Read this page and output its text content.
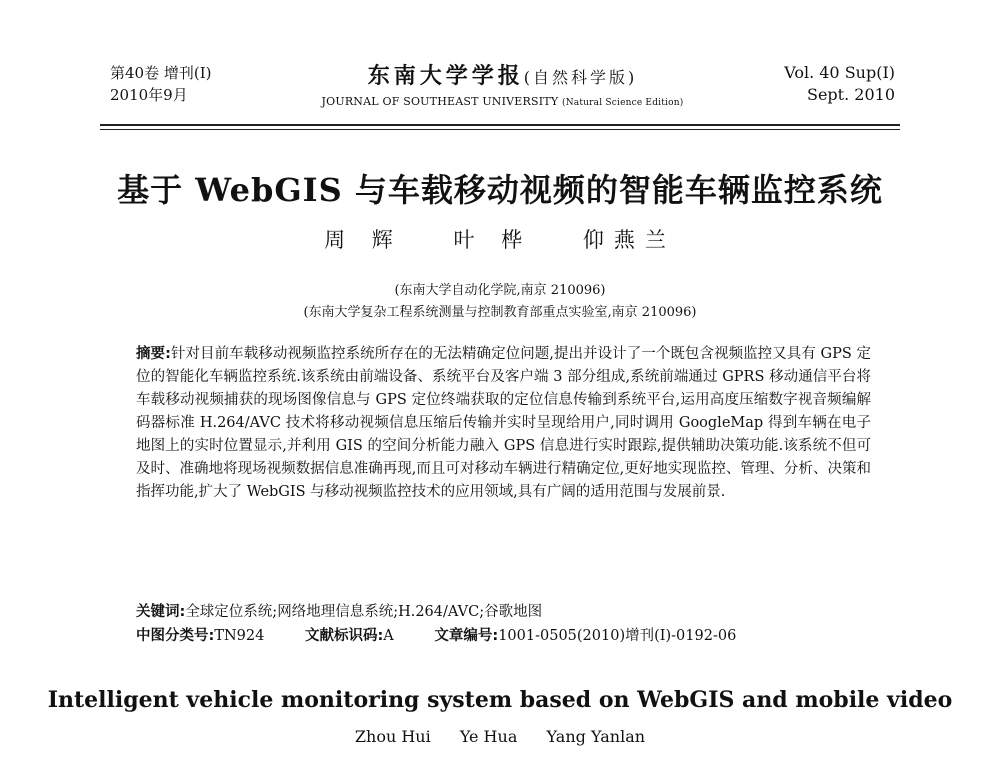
第40卷 增刊(I)
2010年9月
东南大学学报(自然科学版)
JOURNAL OF SOUTHEAST UNIVERSITY (Natural Science Edition)
Vol. 40 Sup(I)
Sept. 2010
基于 WebGIS 与车载移动视频的智能车辆监控系统
周 辉 叶 桦 仰燕兰
(东南大学自动化学院,南京 210096)
(东南大学复杂工程系统测量与控制教育部重点实验室,南京 210096)
摘要:针对目前车载移动视频监控系统所存在的无法精确定位问题,提出并设计了一个既包含视频监控又具有 GPS 定位的智能化车辆监控系统.该系统由前端设备、系统平台及客户端 3 部分组成,系统前端通过 GPRS 移动通信平台将车载移动视频捕获的现场图像信息与 GPS 定位终端获取的定位信息传输到系统平台,运用高度压缩数字视音频编解码器标准 H.264/AVC 技术将移动视频信息压缩后传输并实时呈现给用户,同时调用 GoogleMap 得到车辆在电子地图上的实时位置显示,并利用 GIS 的空间分析能力融入 GPS 信息进行实时跟踪,提供辅助决策功能.该系统不但可及时、准确地将现场视频数据信息准确再现,而且可对移动车辆进行精确定位,更好地实现监控、管理、分析、决策和指挥功能,扩大了 WebGIS 与移动视频监控技术的应用领域,具有广阔的适用范围与发展前景.
关键词:全球定位系统;网络地理信息系统;H.264/AVC;谷歌地图
中图分类号:TN924	文献标识码:A	文章编号:1001-0505(2010)增刊(I)-0192-06
Intelligent vehicle monitoring system based on WebGIS and mobile video
Zhou Hui Ye Hua Yang Yanlan
